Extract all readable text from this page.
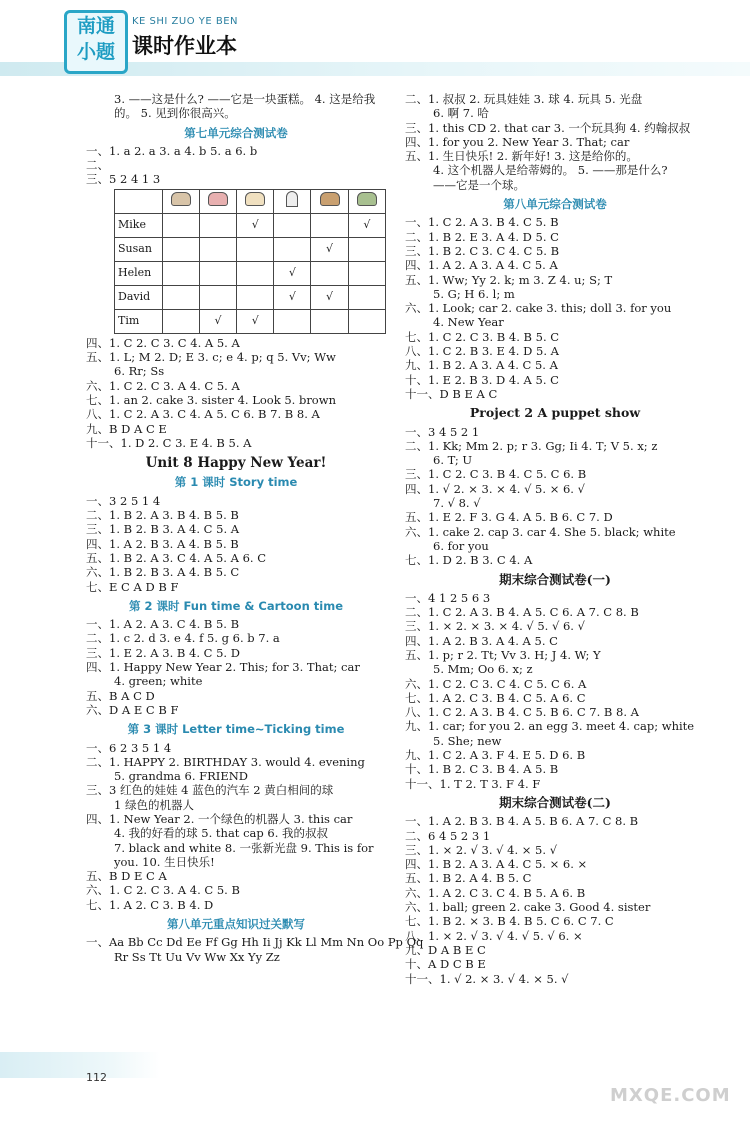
南通
小题
KE SHI ZUO YE BEN
课时作业本
3. ——这是什么? ——它是一块蛋糕。 4. 这是给我
的。 5. 见到你很高兴。
第七单元综合测试卷
一、1. a 2. a 3. a 4. b 5. a 6. b
二、
三、5 2 4 1 3

Mike			√			√
Susan					√	
Helen				√		
David				√	√	
Tim		√	√			
四、1. C 2. C 3. C 4. A 5. A
五、1. L; M 2. D; E 3. c; e 4. p; q 5. Vv; Ww
6. Rr; Ss
六、1. C 2. C 3. A 4. C 5. A
七、1. an 2. cake 3. sister 4. Look 5. brown
八、1. C 2. A 3. C 4. A 5. C 6. B 7. B 8. A
九、B D A C E
十一、1. D 2. C 3. E 4. B 5. A
Unit 8 Happy New Year!
第 1 课时 Story time
一、3 2 5 1 4
二、1. B 2. A 3. B 4. B 5. B
三、1. B 2. B 3. A 4. C 5. A
四、1. A 2. B 3. A 4. B 5. B
五、1. B 2. A 3. C 4. A 5. A 6. C
六、1. B 2. B 3. A 4. B 5. C
七、E C A D B F
第 2 课时 Fun time & Cartoon time
一、1. A 2. A 3. C 4. B 5. B
二、1. c 2. d 3. e 4. f 5. g 6. b 7. a
三、1. E 2. A 3. B 4. C 5. D
四、1. Happy New Year 2. This; for 3. That; car
4. green; white
五、B A C D
六、D A E C B F
第 3 课时 Letter time~Ticking time
一、6 2 3 5 1 4
二、1. HAPPY 2. BIRTHDAY 3. would 4. evening
5. grandma 6. FRIEND
三、3 红色的娃娃 4 蓝色的汽车 2 黄白相间的球
1 绿色的机器人
四、1. New Year 2. 一个绿色的机器人 3. this car
4. 我的好看的球 5. that cap 6. 我的叔叔
7. black and white 8. 一张新光盘 9. This is for
you. 10. 生日快乐!
五、B D E C A
六、1. C 2. C 3. A 4. C 5. B
七、1. A 2. C 3. B 4. D
第八单元重点知识过关默写
一、Aa Bb Cc Dd Ee Ff Gg Hh Ii Jj Kk Ll Mm Nn Oo Pp Qq
Rr Ss Tt Uu Vv Ww Xx Yy Zz
二、1. 叔叔 2. 玩具娃娃 3. 球 4. 玩具 5. 光盘
6. 啊 7. 哈
三、1. this CD 2. that car 3. 一个玩具狗 4. 约翰叔叔
四、1. for you 2. New Year 3. That; car
五、1. 生日快乐! 2. 新年好! 3. 这是给你的。
4. 这个机器人是给蒂姆的。 5. ——那是什么?
——它是一个球。
第八单元综合测试卷
一、1. C 2. A 3. B 4. C 5. B
二、1. B 2. E 3. A 4. D 5. C
三、1. B 2. C 3. C 4. C 5. B
四、1. A 2. A 3. A 4. C 5. A
五、1. Ww; Yy 2. k; m 3. Z 4. u; S; T
5. G; H 6. l; m
六、1. Look; car 2. cake 3. this; doll 3. for you
4. New Year
七、1. C 2. C 3. B 4. B 5. C
八、1. C 2. B 3. E 4. D 5. A
九、1. B 2. A 3. A 4. C 5. A
十、1. E 2. B 3. D 4. A 5. C
十一、D B E A C
Project 2 A puppet show
一、3 4 5 2 1
二、1. Kk; Mm 2. p; r 3. Gg; Ii 4. T; V 5. x; z
6. T; U
三、1. C 2. C 3. B 4. C 5. C 6. B
四、1. √ 2. × 3. × 4. √ 5. × 6. √
7. √ 8. √
五、1. E 2. F 3. G 4. A 5. B 6. C 7. D
六、1. cake 2. cap 3. car 4. She 5. black; white
6. for you
七、1. D 2. B 3. C 4. A
期末综合测试卷(一)
一、4 1 2 5 6 3
二、1. C 2. A 3. B 4. A 5. C 6. A 7. C 8. B
三、1. × 2. × 3. × 4. √ 5. √ 6. √
四、1. A 2. B 3. A 4. A 5. C
五、1. p; r 2. Tt; Vv 3. H; J 4. W; Y
5. Mm; Oo 6. x; z
六、1. C 2. C 3. C 4. C 5. C 6. A
七、1. A 2. C 3. B 4. C 5. A 6. C
八、1. C 2. A 3. B 4. C 5. B 6. C 7. B 8. A
九、1. car; for you 2. an egg 3. meet 4. cap; white
5. She; new
九、1. C 2. A 3. F 4. E 5. D 6. B
十、1. B 2. C 3. B 4. A 5. B
十一、1. T 2. T 3. F 4. F
期末综合测试卷(二)
一、1. A 2. B 3. B 4. A 5. B 6. A 7. C 8. B
二、6 4 5 2 3 1
三、1. × 2. √ 3. √ 4. × 5. √
四、1. B 2. A 3. A 4. C 5. × 6. ×
五、1. B 2. A 4. B 5. C
六、1. A 2. C 3. C 4. B 5. A 6. B
六、1. ball; green 2. cake 3. Good 4. sister
七、1. B 2. × 3. B 4. B 5. C 6. C 7. C
八、1. × 2. √ 3. √ 4. √ 5. √ 6. ×
九、D A B E C
十、A D C B E
十一、1. √ 2. × 3. √ 4. × 5. √
112
MXQE.COM
